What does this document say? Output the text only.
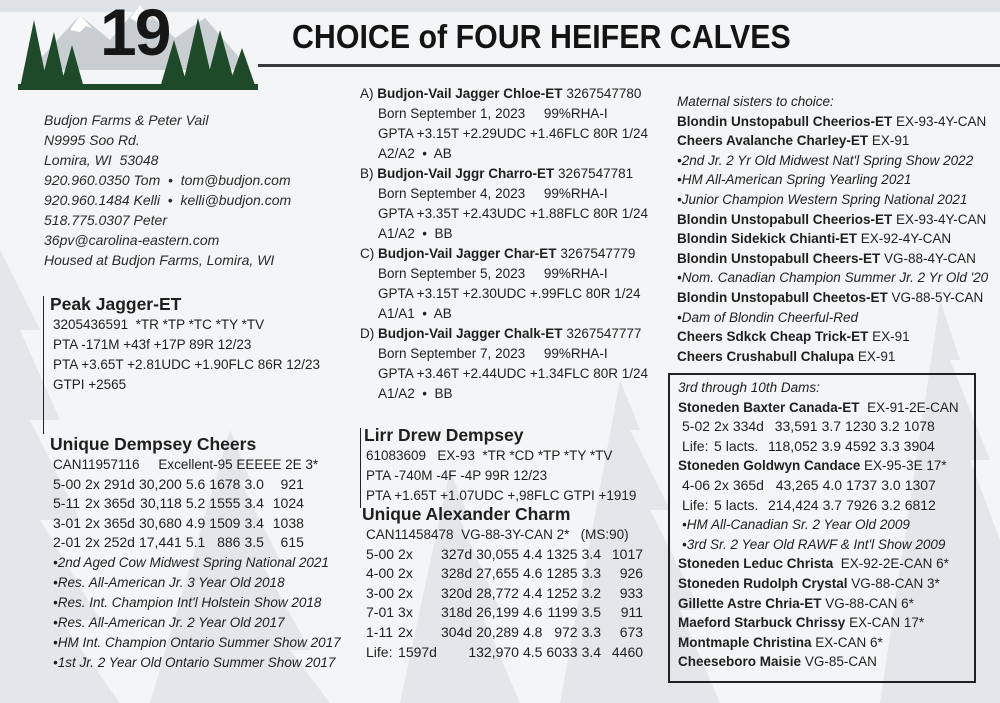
19	CHOICE of FOUR HEIFER CALVES
Budjon Farms & Peter Vail
N9995 Soo Rd.
Lomira, WI  53048
920.960.0350 Tom  •  tom@budjon.com
920.960.1484 Kelli  •  kelli@budjon.com
518.775.0307 Peter
36pv@carolina-eastern.com
Housed at Budjon Farms, Lomira, WI
Peak Jagger-ET
3205436591  *TR *TP *TC *TY *TV
PTA -171M +43f +17P 89R 12/23
PTA +3.65T +2.81UDC +1.90FLC 86R 12/23
GTPI +2565
Unique Dempsey Cheers
CAN11957116     Excellent-95 EEEEE 2E 3*
5-00	2x	291d	30,200	5.6	1678	3.0	921
5-11	2x	365d	30,118	5.2	1555	3.4	1024
3-01	2x	365d	30,680	4.9	1509	3.4	1038
2-01	2x	252d	17,441	5.1	886	3.5	615
•2nd Aged Cow Midwest Spring National 2021
•Res. All-American Jr. 3 Year Old 2018
•Res. Int. Champion Int'l Holstein Show 2018
•Res. All-American Jr. 2 Year Old 2017
•HM Int. Champion Ontario Summer Show 2017
•1st Jr. 2 Year Old Ontario Summer Show 2017
A) Budjon-Vail Jagger Chloe-ET 3267547780
Born September 1, 2023     99%RHA-I
GPTA +3.15T +2.29UDC +1.46FLC 80R 1/24
A2/A2  •  AB
B) Budjon-Vail Jggr Charro-ET 3267547781
Born September 4, 2023     99%RHA-I
GPTA +3.35T +2.43UDC +1.88FLC 80R 1/24
A1/A2  •  BB
C) Budjon-Vail Jagger Char-ET 3267547779
Born September 5, 2023     99%RHA-I
GPTA +3.15T +2.30UDC +.99FLC 80R 1/24
A1/A1  •  AB
D) Budjon-Vail Jagger Chalk-ET 3267547777
Born September 7, 2023     99%RHA-I
GPTA +3.46T +2.44UDC +1.34FLC 80R 1/24
A1/A2  •  BB
Lirr Drew Dempsey
61083609   EX-93  *TR *CD *TP *TY *TV
PTA -740M -4F -4P 99R 12/23
PTA +1.65T +1.07UDC +,98FLC GTPI +1919
Unique Alexander Charm
CAN11458478  VG-88-3Y-CAN 2*   (MS:90)
5-00	2x	327d	30,055	4.4	1325	3.4	1017
4-00	2x	328d	27,655	4.6	1285	3.3	926
3-00	2x	320d	28,772	4.4	1252	3.2	933
7-01	3x	318d	26,199	4.6	1199	3.5	911
1-11	2x	304d	20,289	4.8	972	3.3	673
Life:	1597d	132,970		4.5	6033	3.4	4460
Maternal sisters to choice:
Blondin Unstopabull Cheerios-ET EX-93-4Y-CAN
Cheers Avalanche Charley-ET EX-91
•2nd Jr. 2 Yr Old Midwest Nat'l Spring Show 2022
•HM All-American Spring Yearling 2021
•Junior Champion Western Spring National 2021
Blondin Unstopabull Cheerios-ET EX-93-4Y-CAN
Blondin Sidekick Chianti-ET EX-92-4Y-CAN
Blondin Unstopabull Cheers-ET VG-88-4Y-CAN
•Nom. Canadian Champion Summer Jr. 2 Yr Old '20
Blondin Unstopabull Cheetos-ET VG-88-5Y-CAN
•Dam of Blondin Cheerful-Red
Cheers Sdkck Cheap Trick-ET EX-91
Cheers Crushabull Chalupa EX-91
3rd through 10th Dams:
Stoneden Baxter Canada-ET EX-91-2E-CAN
5-02	2x	334d	33,591	3.7	1230	3.2	1078
Life:	5 lacts.		118,052	3.9	4592	3.3	3904
Stoneden Goldwyn Candace EX-95-3E 17*
4-06	2x	365d	43,265	4.0	1737	3.0	1307
Life:	5 lacts.		214,424	3.7	7926	3.2	6812
•HM All-Canadian Sr. 2 Year Old 2009
•3rd Sr. 2 Year Old RAWF & Int'l Show 2009
Stoneden Leduc Christa EX-92-2E-CAN 6*
Stoneden Rudolph Crystal VG-88-CAN 3*
Gillette Astre Chria-ET VG-88-CAN 6*
Maeford Starbuck Chrissy EX-CAN 17*
Montmaple Christina EX-CAN 6*
Cheeseboro Maisie VG-85-CAN
